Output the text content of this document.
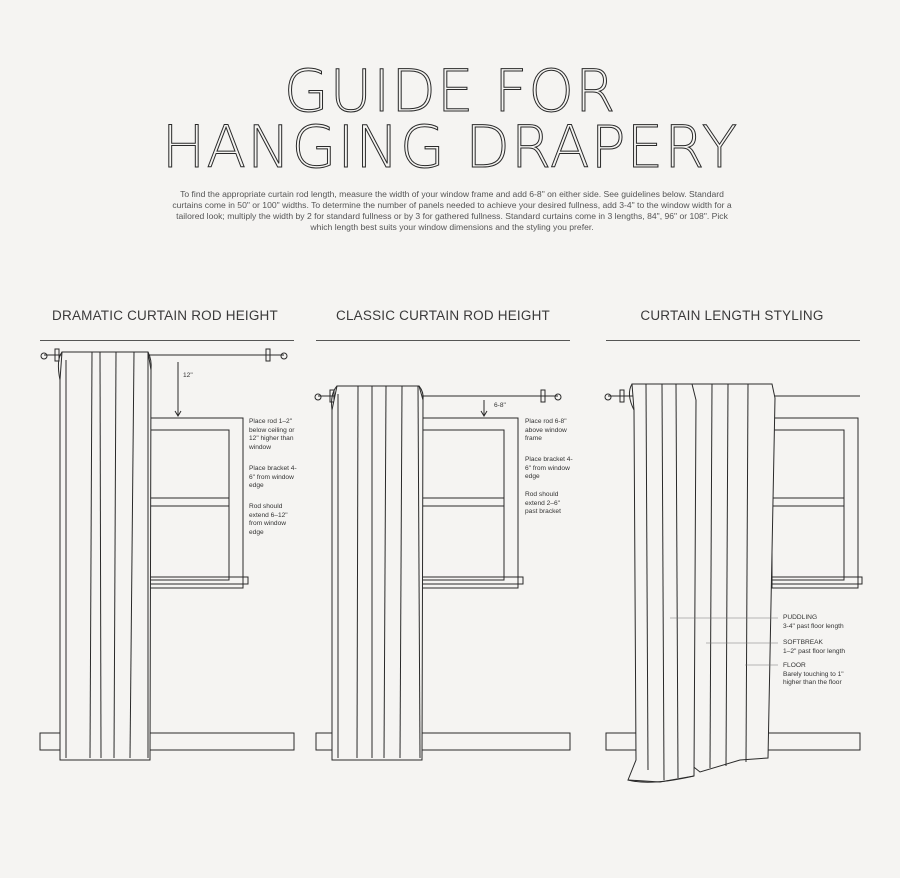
GUIDE FOR
HANGING DRAPERY

To find the appropriate curtain rod length, measure the width of your window frame and add 6-8" on either side. See guidelines below. Standard curtains come in 50" or 100" widths. To determine the number of panels needed to achieve your desired fullness, add 3-4" to the window width for a tailored look; multiply the width by 2 for standard fullness or by 3 for gathered fullness. Standard curtains come in 3 lengths, 84", 96" or 108". Pick which length best suits your window dimensions and the styling you prefer.

DRAMATIC CURTAIN ROD HEIGHT	CLASSIC CURTAIN ROD HEIGHT	CURTAIN LENGTH STYLING
12"
6-8"
Place rod 1–2" below ceiling or 12" higher than window
Place bracket 4-6" from window edge
Rod should extend 6–12" from window edge
Place rod 6-8" above window frame
Place bracket 4-6" from window edge
Rod should extend 2–6" past bracket
PUDDLING
3-4" past floor length
SOFTBREAK
1–2" past floor length
FLOOR
Barely touching to 1" higher than the floor
